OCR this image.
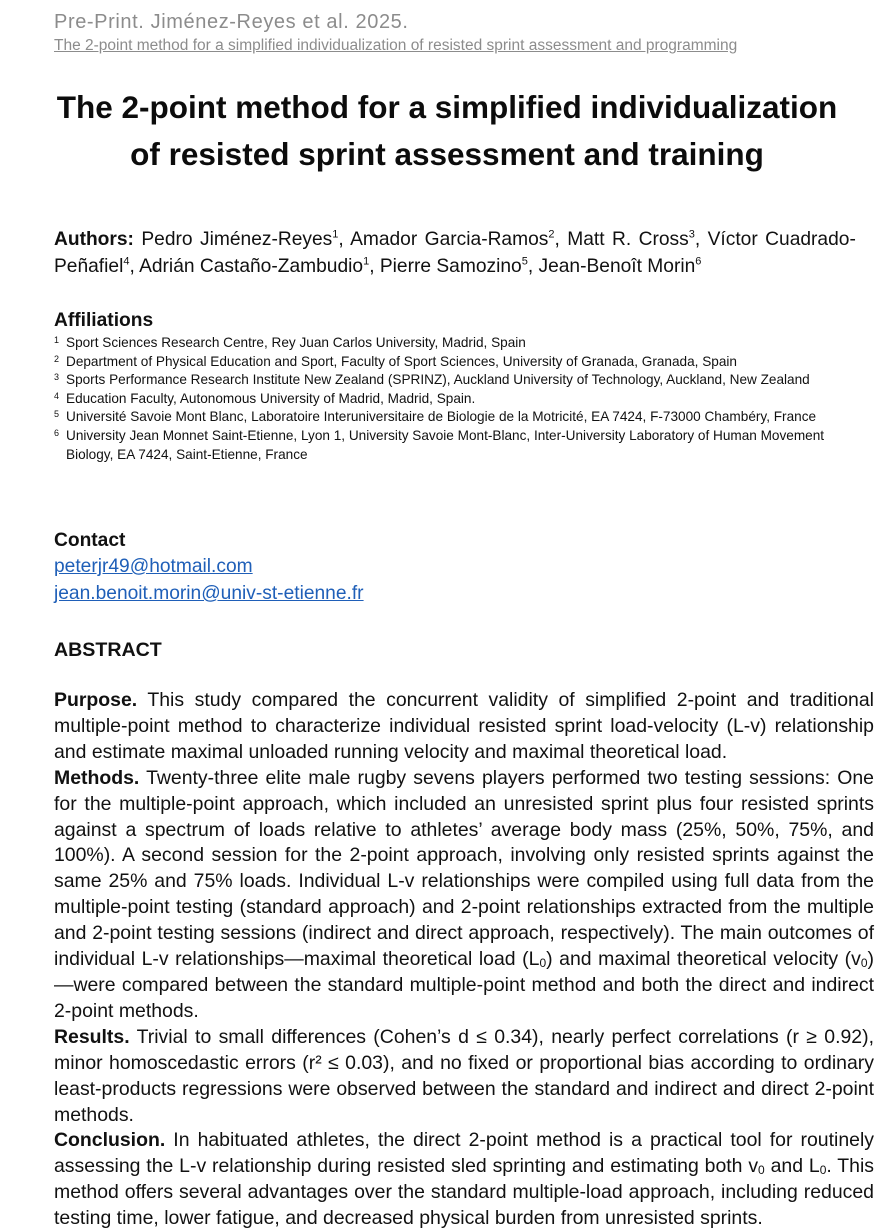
Pre-Print. Jiménez-Reyes et al. 2025.
The 2-point method for a simplified individualization of resisted sprint assessment and programming
The 2-point method for a simplified individualization
of resisted sprint assessment and training
Authors: Pedro Jiménez-Reyes$^1$, Amador Garcia-Ramos$^2$, Matt R. Cross$^3$, Víctor Cuadrado-
Peñafiel$^4$, Adrián Castaño-Zambudio$^1$, Pierre Samozino$^5$, Jean-Benoît Morin$^6$
Affiliations
1 Sport Sciences Research Centre, Rey Juan Carlos University, Madrid, Spain
2 Department of Physical Education and Sport, Faculty of Sport Sciences, University of Granada, Granada, Spain
3 Sports Performance Research Institute New Zealand (SPRINZ), Auckland University of Technology, Auckland, New Zealand
4 Education Faculty, Autonomous University of Madrid, Madrid, Spain.
5 Université Savoie Mont Blanc, Laboratoire Interuniversitaire de Biologie de la Motricité, EA 7424, F-73000 Chambéry, France
6 University Jean Monnet Saint-Etienne, Lyon 1, University Savoie Mont-Blanc, Inter-University Laboratory of Human Movement Biology, EA 7424, Saint-Etienne, France
Contact
peterjr49@hotmail.com
jean.benoit.morin@univ-st-etienne.fr
ABSTRACT

Purpose. This study compared the concurrent validity of simplified 2-point and traditional multiple-point method to characterize individual resisted sprint load-velocity (L-v) relationship and estimate maximal unloaded running velocity and maximal theoretical load.

Methods. Twenty-three elite male rugby sevens players performed two testing sessions: One for the multiple-point approach, which included an unresisted sprint plus four resisted sprints against a spectrum of loads relative to athletes’ average body mass (25%, 50%, 75%, and 100%). A second session for the 2-point approach, involving only resisted sprints against the same 25% and 75% loads. Individual L-v relationships were compiled using full data from the multiple-point testing (standard approach) and 2-point relationships extracted from the multiple and 2-point testing sessions (indirect and direct approach, respectively). The main outcomes of individual L-v relationships—maximal theoretical load (L0) and maximal theoretical velocity (v0)—were compared between the standard multiple-point method and both the direct and indirect 2-point methods.

Results. Trivial to small differences (Cohen’s d ≤ 0.34), nearly perfect correlations (r ≥ 0.92), minor homoscedastic errors (r² ≤ 0.03), and no fixed or proportional bias according to ordinary least-products regressions were observed between the standard and indirect and direct 2-point methods.

Conclusion. In habituated athletes, the direct 2-point method is a practical tool for routinely assessing the L-v relationship during resisted sled sprinting and estimating both v0 and L0. This method offers several advantages over the standard multiple-load approach, including reduced testing time, lower fatigue, and decreased physical burden from unresisted sprints.
